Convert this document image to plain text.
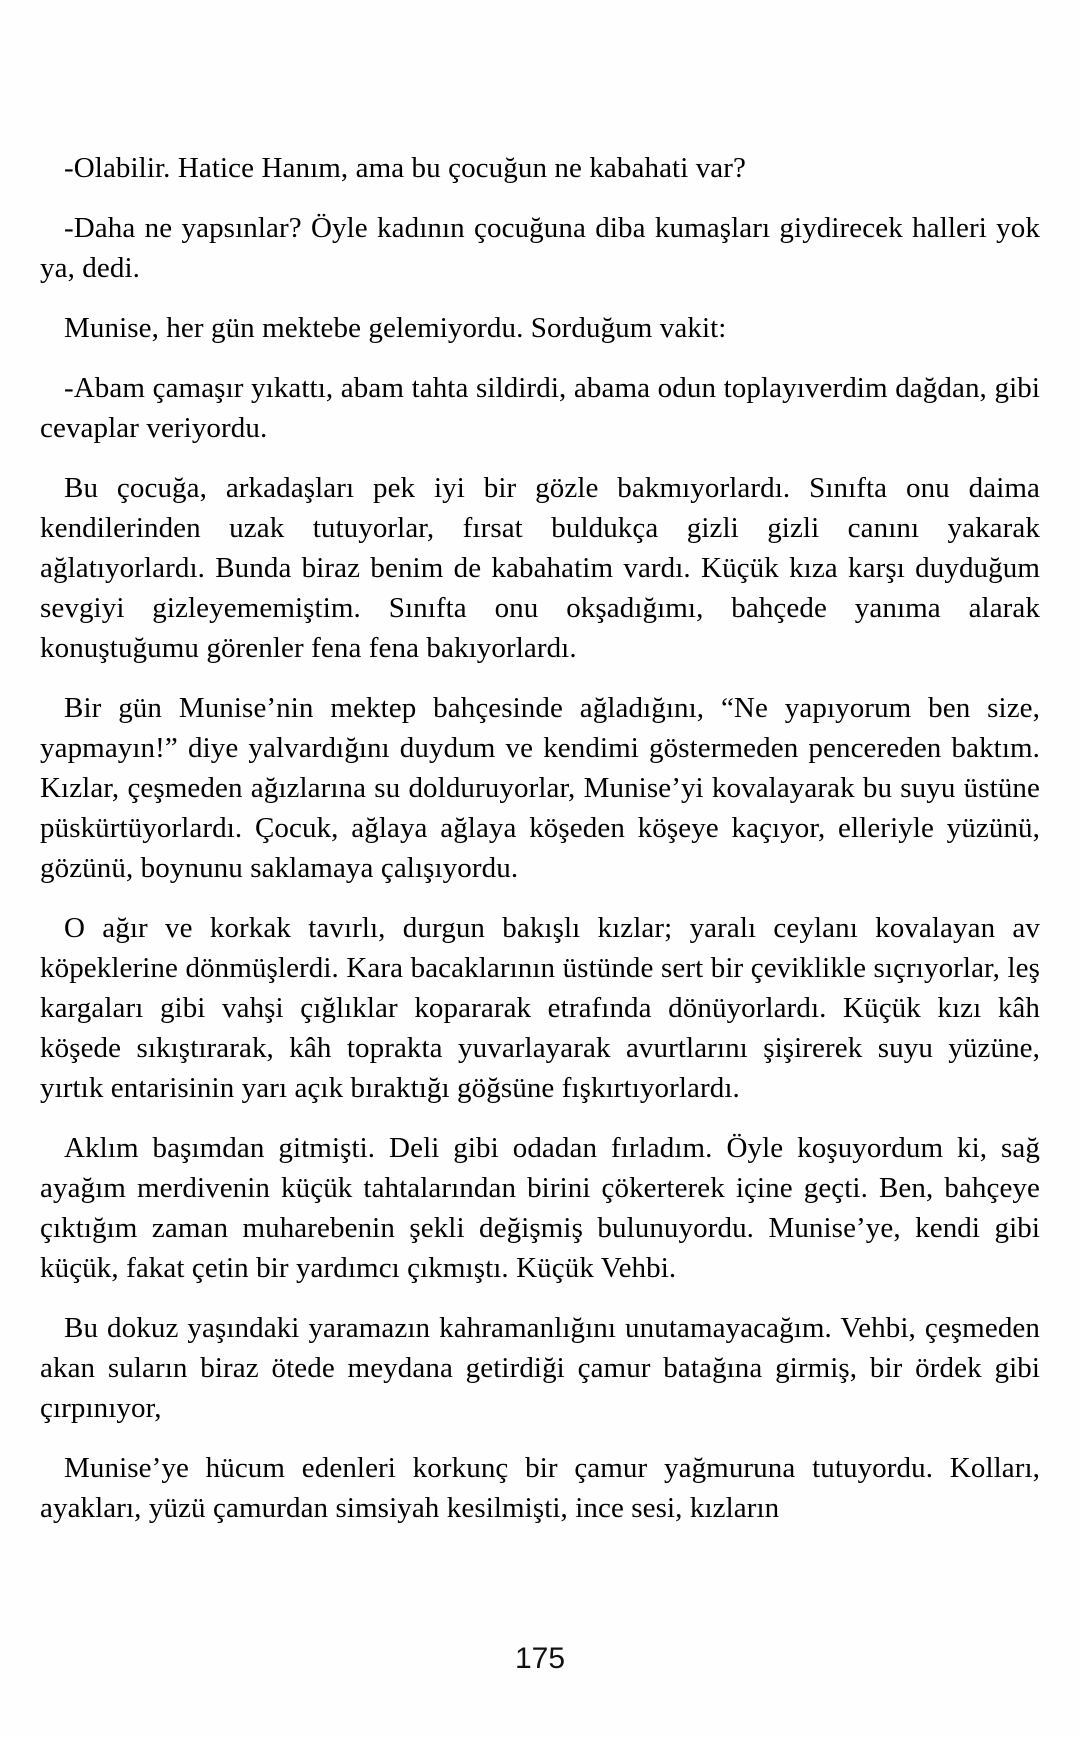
-Olabilir. Hatice Hanım, ama bu çocuğun ne kabahati var?

-Daha ne yapsınlar? Öyle kadının çocuğuna diba kumaşları giydirecek halleri yok ya, dedi.

Munise, her gün mektebe gelemiyordu. Sorduğum vakit:

-Abam çamaşır yıkattı, abam tahta sildirdi, abama odun toplayıverdim dağdan, gibi cevaplar veriyordu.

Bu çocuğa, arkadaşları pek iyi bir gözle bakmıyorlardı. Sınıfta onu daima kendilerinden uzak tutuyorlar, fırsat buldukça gizli gizli canını yakarak ağlatıyorlardı. Bunda biraz benim de kabahatim vardı. Küçük kıza karşı duyduğum sevgiyi gizleyememiştim. Sınıfta onu okşadığımı, bahçede yanıma alarak konuştuğumu görenler fena fena bakıyorlardı.

Bir gün Munise’nin mektep bahçesinde ağladığını, “Ne yapıyorum ben size, yapmayın!” diye yalvardığını duydum ve kendimi göstermeden pencereden baktım. Kızlar, çeşmeden ağızlarına su dolduruyorlar, Munise’yi kovalayarak bu suyu üstüne püskürtüyorlardı. Çocuk, ağlaya ağlaya köşeden köşeye kaçıyor, elleriyle yüzünü, gözünü, boynunu saklamaya çalışıyordu.

O ağır ve korkak tavırlı, durgun bakışlı kızlar; yaralı ceylanı kovalayan av köpeklerine dönmüşlerdi. Kara bacaklarının üstünde sert bir çeviklikle sıçrıyorlar, leş kargaları gibi vahşi çığlıklar kopararak etrafında dönüyorlardı. Küçük kızı kâh köşede sıkıştırarak, kâh toprakta yuvarlayarak avurtlarını şişirerek suyu yüzüne, yırtık entarisinin yarı açık bıraktığı göğsüne fışkırtıyorlardı.

Aklım başımdan gitmişti. Deli gibi odadan fırladım. Öyle koşuyordum ki, sağ ayağım merdivenin küçük tahtalarından birini çökerterek içine geçti. Ben, bahçeye çıktığım zaman muharebenin şekli değişmiş bulunuyordu. Munise’ye, kendi gibi küçük, fakat çetin bir yardımcı çıkmıştı. Küçük Vehbi.

Bu dokuz yaşındaki yaramazın kahramanlığını unutamayacağım. Vehbi, çeşmeden akan suların biraz ötede meydana getirdiği çamur batağına girmiş, bir ördek gibi çırpınıyor,

Munise’ye hücum edenleri korkunç bir çamur yağmuruna tutuyordu. Kolları, ayakları, yüzü çamurdan simsiyah kesilmişti, ince sesi, kızların

175
